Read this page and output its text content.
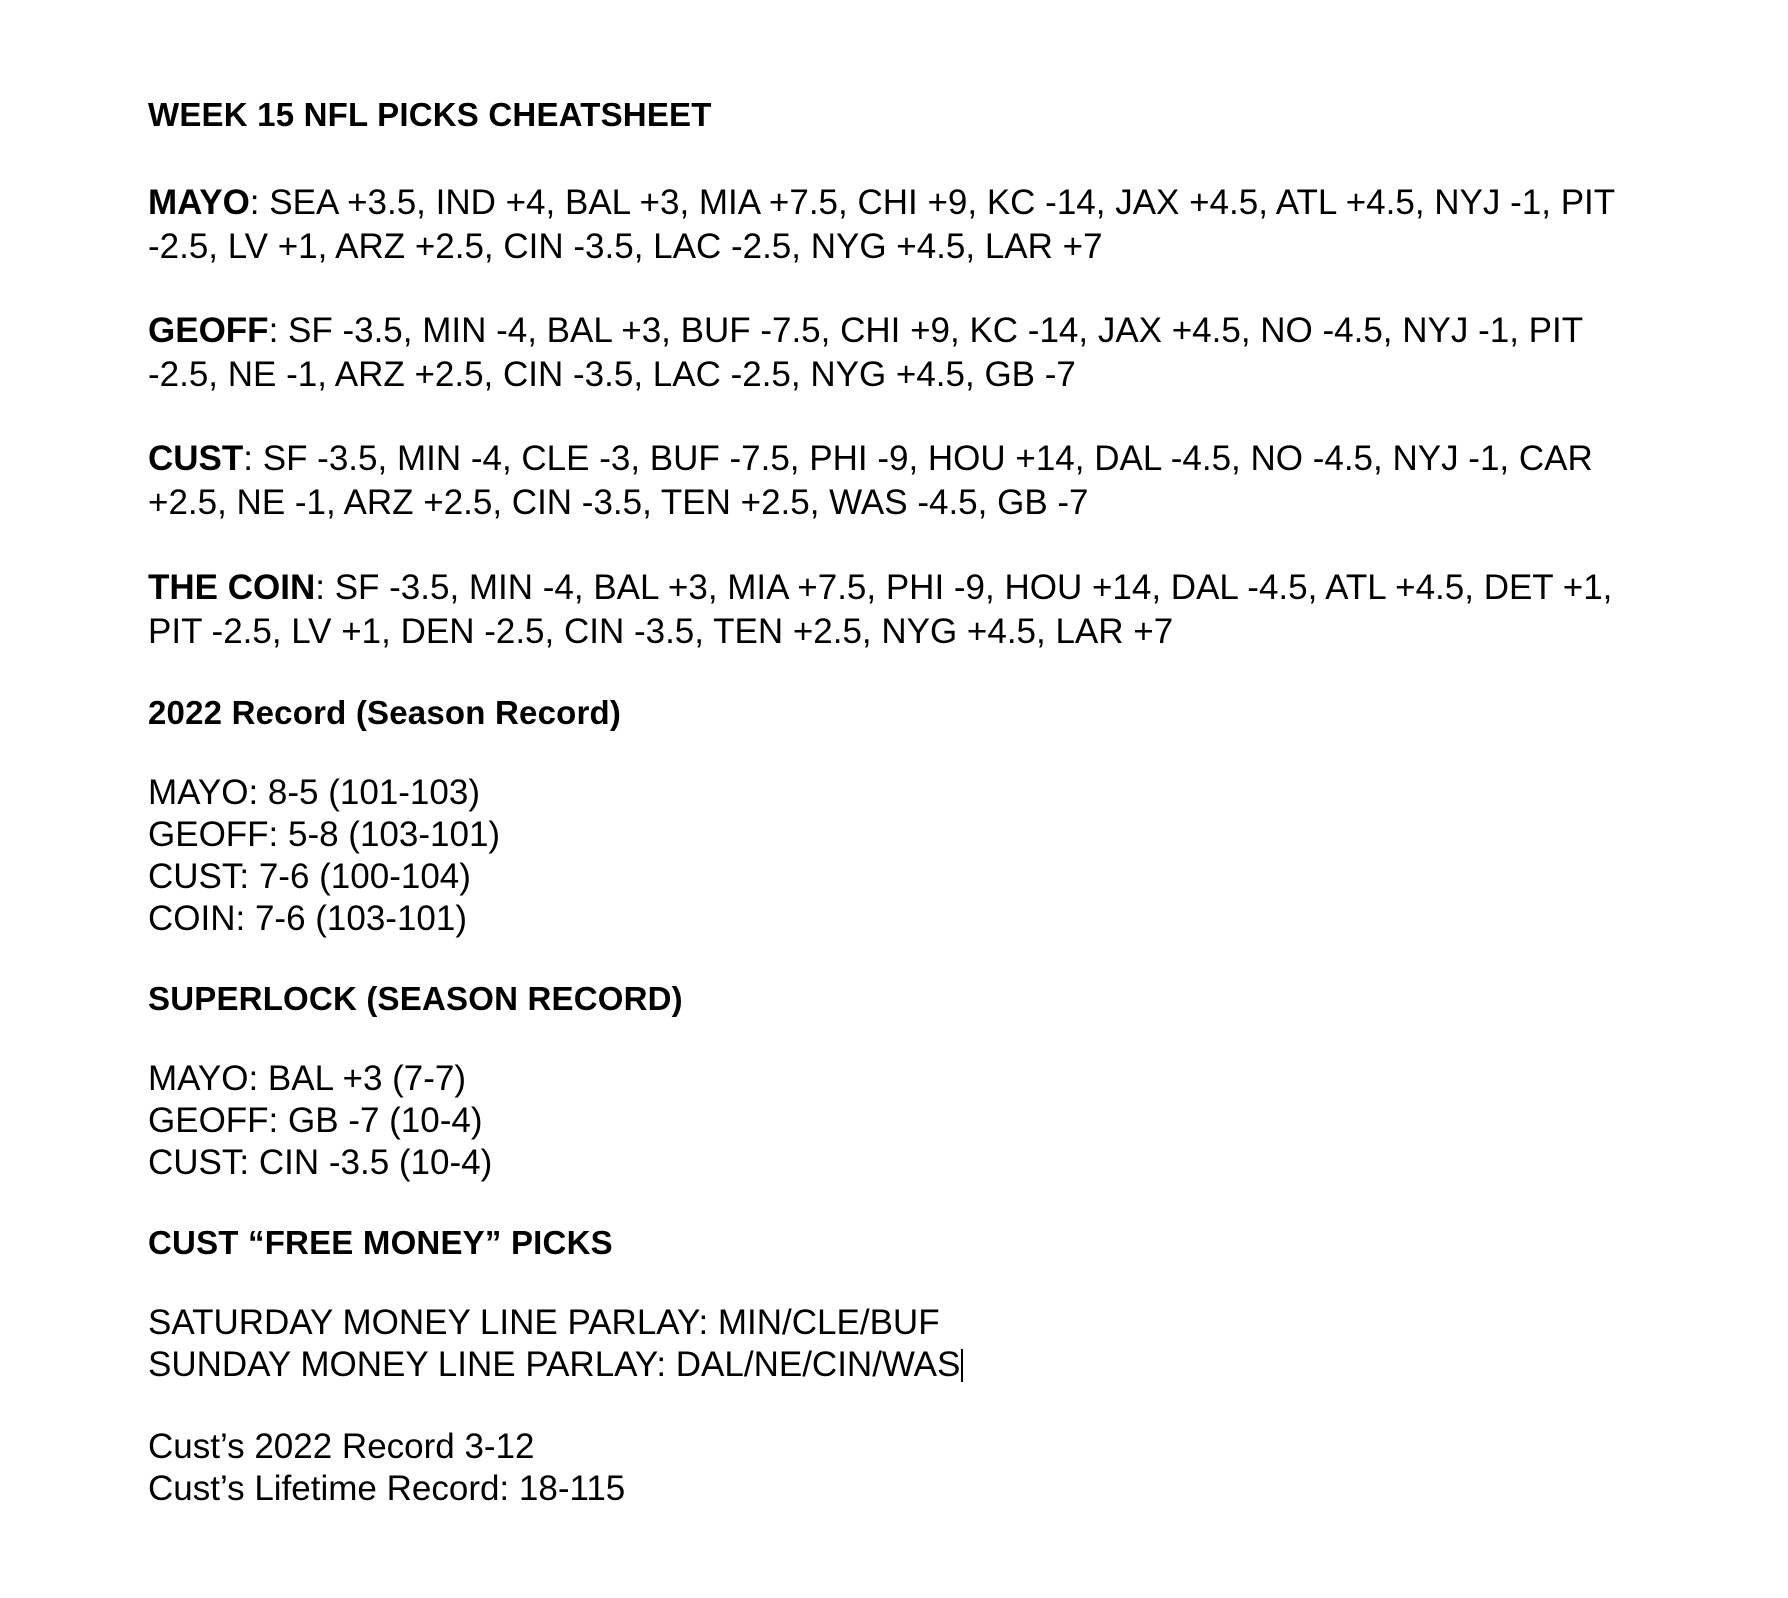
WEEK 15 NFL PICKS CHEATSHEET

MAYO: SEA +3.5, IND +4, BAL +3, MIA +7.5, CHI +9, KC -14, JAX +4.5, ATL +4.5, NYJ -1, PIT -2.5, LV +1, ARZ +2.5, CIN -3.5, LAC -2.5, NYG +4.5, LAR +7

GEOFF: SF -3.5, MIN -4, BAL +3, BUF -7.5, CHI +9, KC -14, JAX +4.5, NO -4.5, NYJ -1, PIT -2.5, NE -1, ARZ +2.5, CIN -3.5, LAC -2.5, NYG +4.5, GB -7

CUST: SF -3.5, MIN -4, CLE -3, BUF -7.5, PHI -9, HOU +14, DAL -4.5, NO -4.5, NYJ -1, CAR +2.5, NE -1, ARZ +2.5, CIN -3.5, TEN +2.5, WAS -4.5, GB -7

THE COIN: SF -3.5, MIN -4, BAL +3, MIA +7.5, PHI -9, HOU +14, DAL -4.5, ATL +4.5, DET +1, PIT -2.5, LV +1, DEN -2.5, CIN -3.5, TEN +2.5, NYG +4.5, LAR +7

2022 Record (Season Record)
MAYO: 8-5 (101-103)
GEOFF: 5-8 (103-101)
CUST: 7-6 (100-104)
COIN: 7-6 (103-101)
SUPERLOCK (SEASON RECORD)
MAYO: BAL +3 (7-7)
GEOFF: GB -7 (10-4)
CUST: CIN -3.5 (10-4)
CUST “FREE MONEY” PICKS
SATURDAY MONEY LINE PARLAY: MIN/CLE/BUF
SUNDAY MONEY LINE PARLAY: DAL/NE/CIN/WAS
Cust’s 2022 Record 3-12
Cust’s Lifetime Record: 18-115
